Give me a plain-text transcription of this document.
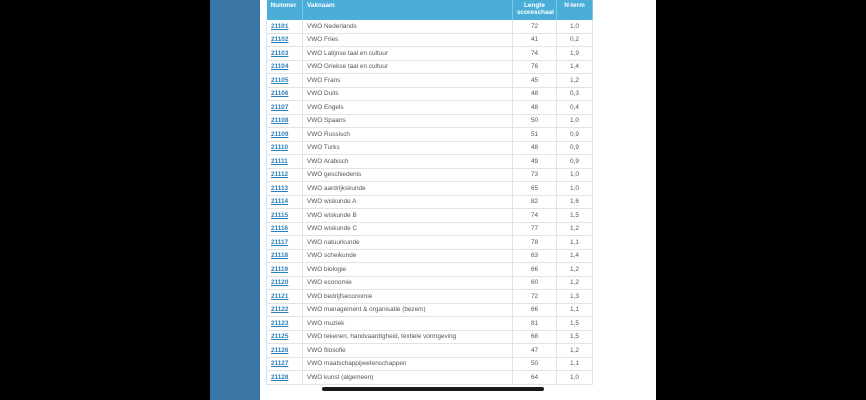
Nummer	Vaknaam	Lengte
scoreschaal	N-term
21101	VWO Nederlands	72	1,0
21102	VWO Fries	41	0,2
21103	VWO Latijnse taal en cultuur	74	1,9
21104	VWO Griekse taal en cultuur	76	1,4
21105	VWO Frans	45	1,2
21106	VWO Duits	48	0,3
21107	VWO Engels	48	0,4
21108	VWO Spaans	50	1,0
21109	VWO Russisch	51	0,9
21110	VWO Turks	48	0,9
21111	VWO Arabisch	49	0,9
21112	VWO geschiedenis	73	1,0
21113	VWO aardrijkskunde	65	1,0
21114	VWO wiskunde A	82	1,6
21115	VWO wiskunde B	74	1,5
21116	VWO wiskunde C	77	1,2
21117	VWO natuurkunde	78	1,1
21118	VWO scheikunde	63	1,4
21119	VWO biologie	66	1,2
21120	VWO economie	60	1,2
21121	VWO bedrijfseconomie	72	1,3
21122	VWO management & organisatie (bezem)	66	1,1
21123	VWO muziek	81	1,5
21125	VWO tekenen, handvaardigheid, textiele vormgeving	68	1,5
21126	VWO filosofie	47	1,2
21127	VWO maatschappijwetenschappen	50	1,1
21128	VWO kunst (algemeen)	64	1,0
